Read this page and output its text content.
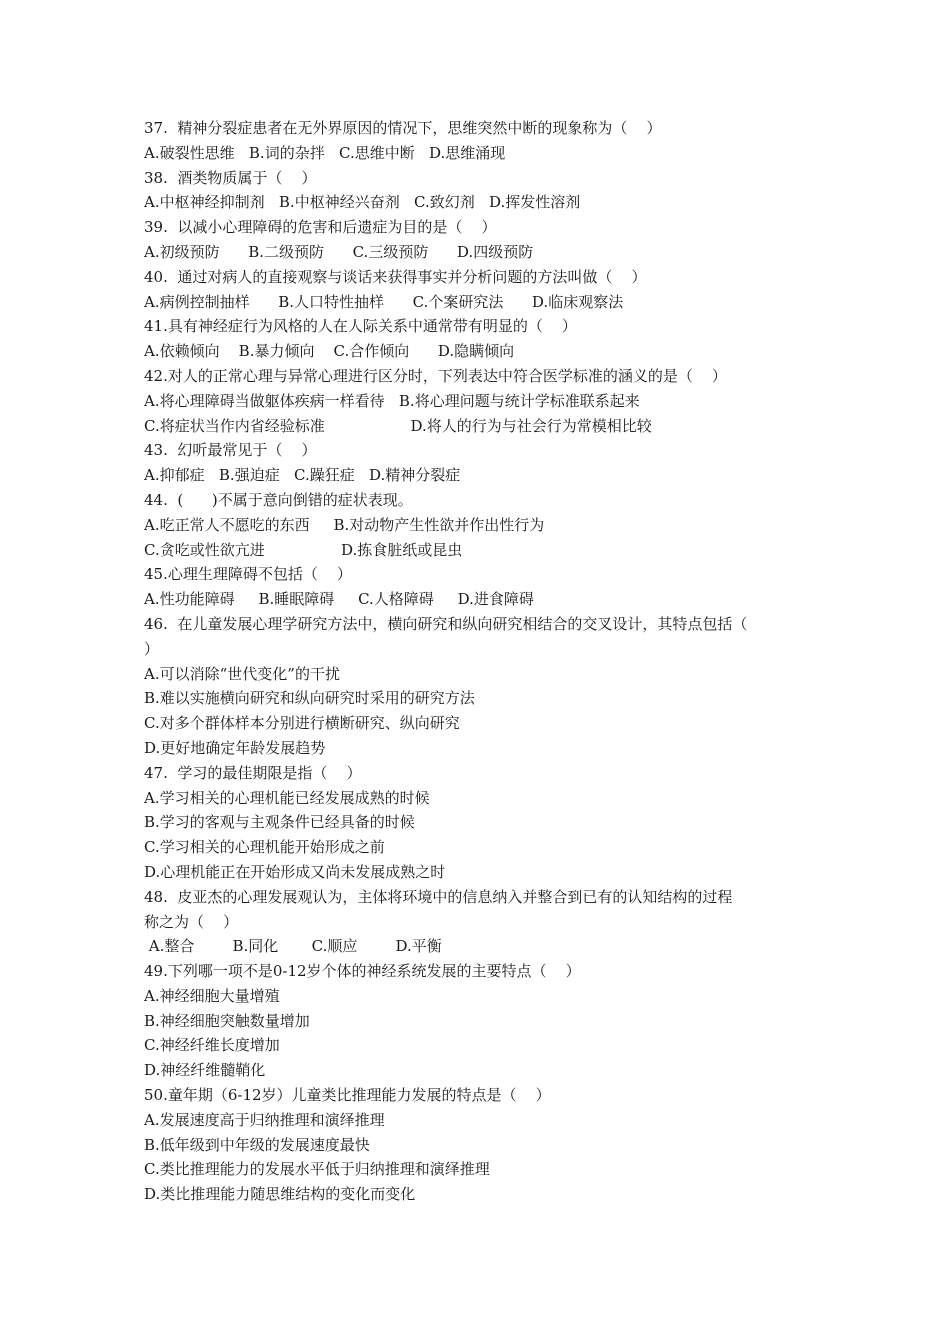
37.  精神分裂症患者在无外界原因的情况下，思维突然中断的现象称为（    ）
A.破裂性思维   B.词的杂拌   C.思维中断   D.思维涌现
38.  酒类物质属于（    ）
A.中枢神经抑制剂   B.中枢神经兴奋剂   C.致幻剂   D.挥发性溶剂
39.  以减小心理障碍的危害和后遗症为目的是（    ）
A.初级预防      B.二级预防      C.三级预防      D.四级预防
40.  通过对病人的直接观察与谈话来获得事实并分析问题的方法叫做（    ）
A.病例控制抽样      B.人口特性抽样      C.个案研究法      D.临床观察法
41.具有神经症行为风格的人在人际关系中通常带有明显的（    ）
A.依赖倾向    B.暴力倾向    C.合作倾向      D.隐瞒倾向
42.对人的正常心理与异常心理进行区分时，下列表达中符合医学标准的涵义的是（    ）
A.将心理障碍当做躯体疾病一样看待   B.将心理问题与统计学标准联系起来
C.将症状当作内省经验标准                  D.将人的行为与社会行为常模相比较
43.  幻听最常见于（    ）
A.抑郁症   B.强迫症   C.躁狂症   D.精神分裂症
44.  (      )不属于意向倒错的症状表现。
A.吃正常人不愿吃的东西     B.对动物产生性欲并作出性行为
C.贪吃或性欲亢进                D.拣食脏纸或昆虫
45.心理生理障碍不包括（    ）
A.性功能障碍     B.睡眠障碍     C.人格障碍     D.进食障碍
46.  在儿童发展心理学研究方法中，横向研究和纵向研究相结合的交叉设计，其特点包括（
）
A.可以消除“世代变化”的干扰
B.难以实施横向研究和纵向研究时采用的研究方法
C.对多个群体样本分别进行横断研究、纵向研究
D.更好地确定年龄发展趋势
47.  学习的最佳期限是指（    ）
A.学习相关的心理机能已经发展成熟的时候
B.学习的客观与主观条件已经具备的时候
C.学习相关的心理机能开始形成之前
D.心理机能正在开始形成又尚未发展成熟之时
48.  皮亚杰的心理发展观认为，主体将环境中的信息纳入并整合到已有的认知结构的过程
称之为（    ）
A.整合        B.同化       C.顺应        D.平衡
49.下列哪一项不是0-12岁个体的神经系统发展的主要特点（    ）
A.神经细胞大量增殖
B.神经细胞突触数量增加
C.神经纤维长度增加
D.神经纤维髓鞘化
50.童年期（6-12岁）儿童类比推理能力发展的特点是（    ）
A.发展速度高于归纳推理和演绎推理
B.低年级到中年级的发展速度最快
C.类比推理能力的发展水平低于归纳推理和演绎推理
D.类比推理能力随思维结构的变化而变化
